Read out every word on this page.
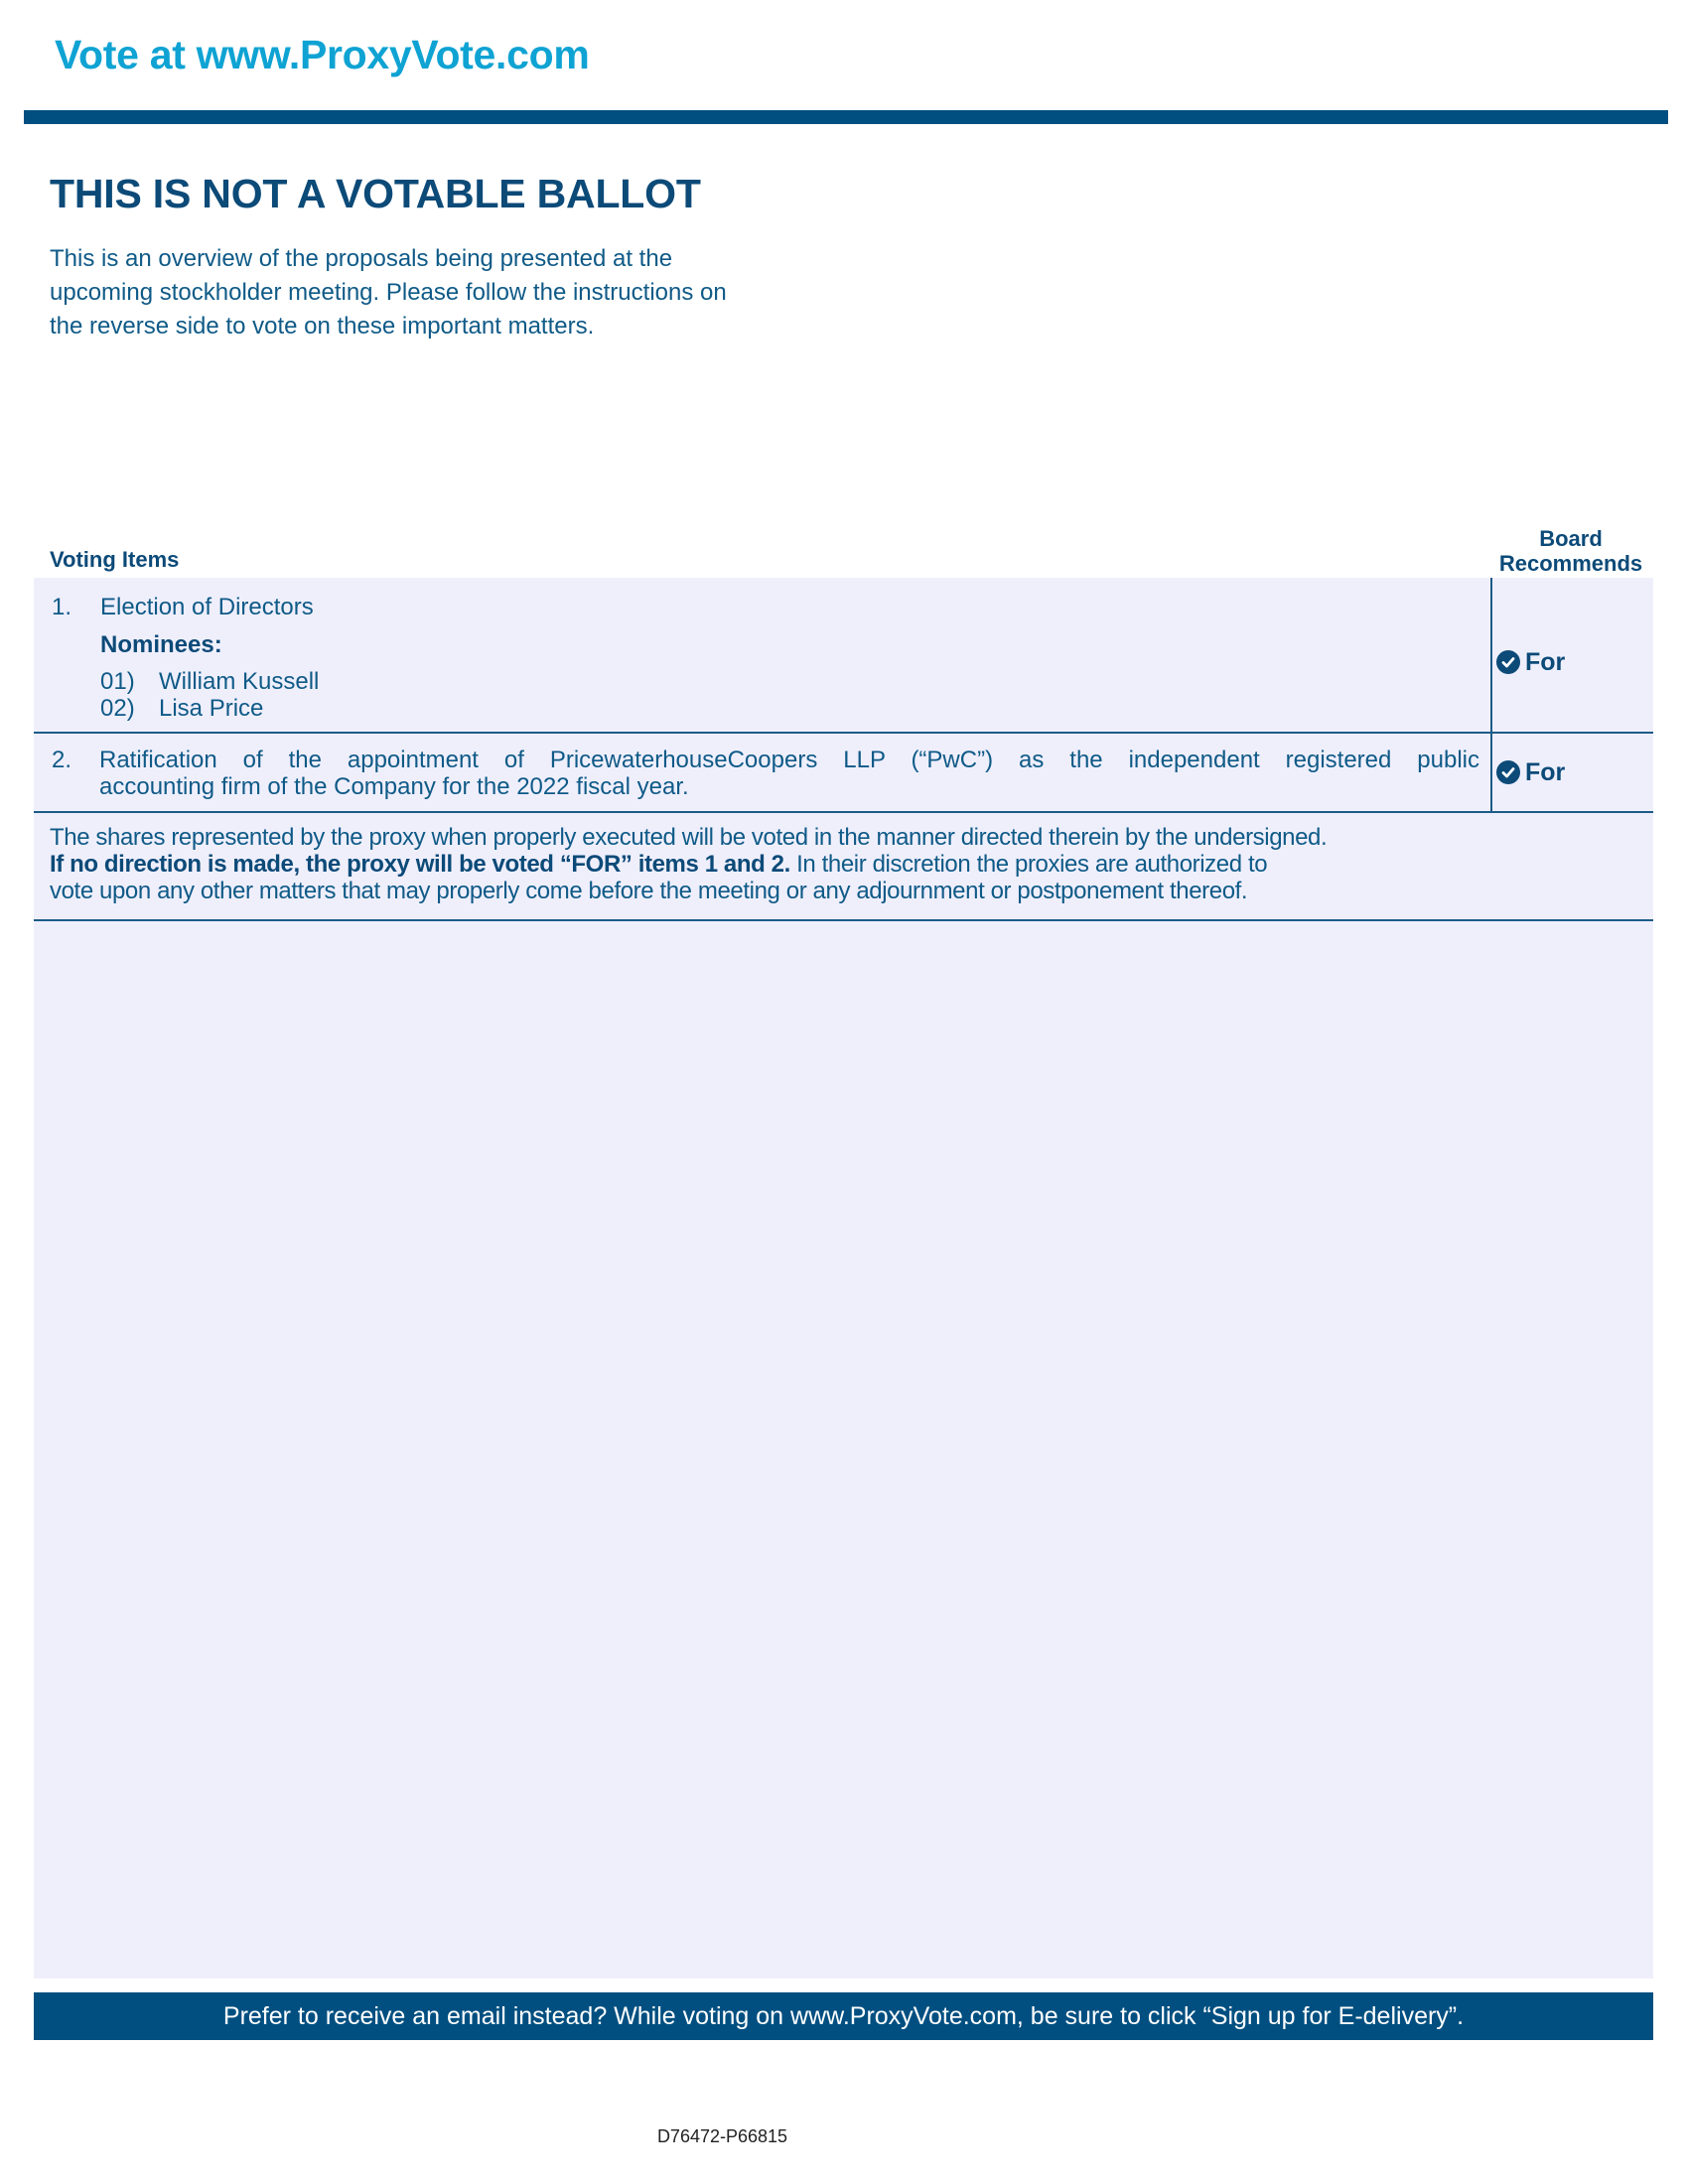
Vote at www.ProxyVote.com
THIS IS NOT A VOTABLE BALLOT
This is an overview of the proposals being presented at the
upcoming stockholder meeting. Please follow the instructions on
the reverse side to vote on these important matters.
Voting Items
Board
Recommends
1. Election of Directors
Nominees:
01) William Kussell
02) Lisa Price
For
2. Ratification of the appointment of PricewaterhouseCoopers LLP (“PwC”) as the independent registered public
accounting firm of the Company for the 2022 fiscal year.
For
The shares represented by the proxy when properly executed will be voted in the manner directed therein by the undersigned.
If no direction is made, the proxy will be voted “FOR” items 1 and 2. In their discretion the proxies are authorized to
vote upon any other matters that may properly come before the meeting or any adjournment or postponement thereof.
Prefer to receive an email instead? While voting on www.ProxyVote.com, be sure to click “Sign up for E-delivery”.
D76472-P66815
